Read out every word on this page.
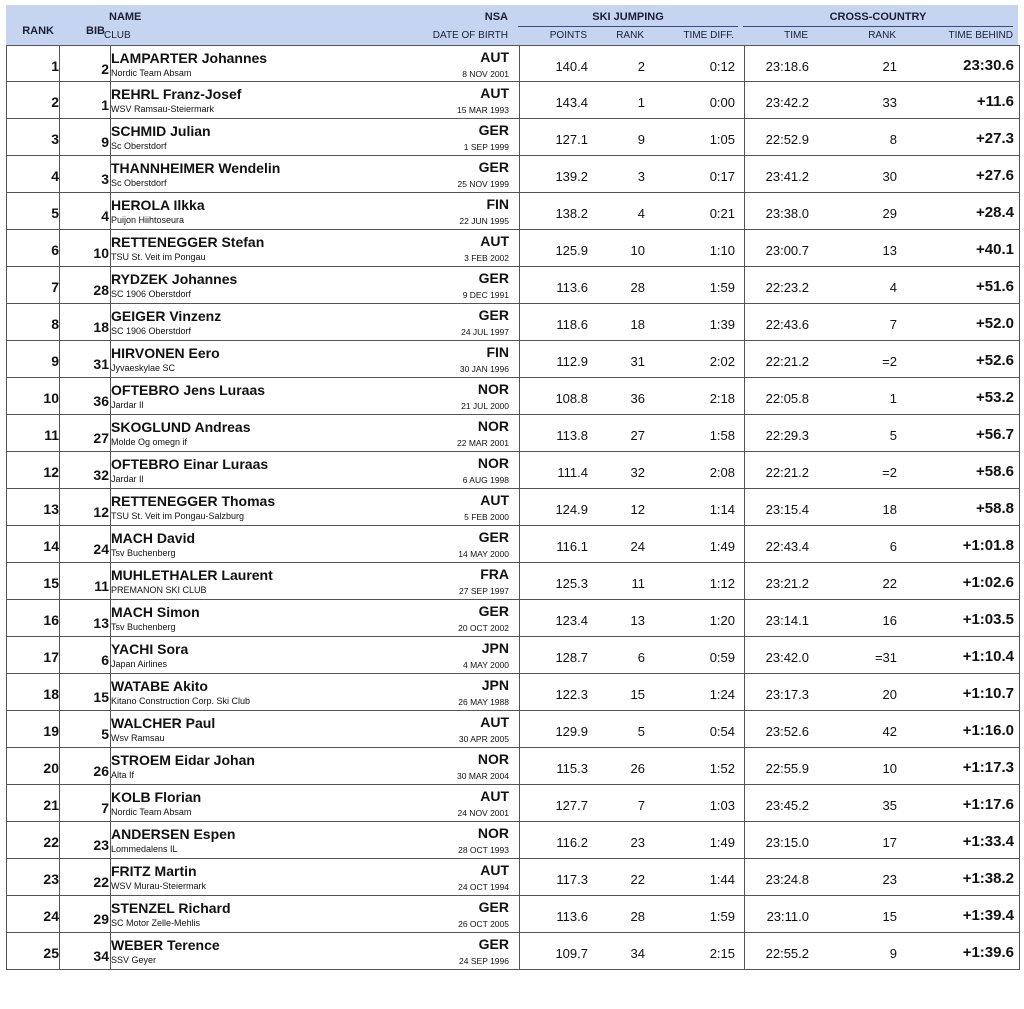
RANK	BIB
NAME
CLUB
NSA
DATE OF BIRTH
SKI JUMPING	CROSS-COUNTRY
POINTS	RANK	TIME DIFF.	TIME	RANK	TIME BEHIND
1	2
LAMPARTER Johannes
Nordic Team Absam
AUT
8 NOV 2001	140.4	2	0:12	23:18.6	21	23:30.6
2	1
REHRL Franz-Josef
WSV Ramsau-Steiermark
AUT
15 MAR 1993	143.4	1	0:00	23:42.2	33	+11.6
3	9
SCHMID Julian
Sc Oberstdorf
GER
1 SEP 1999	127.1	9	1:05	22:52.9	8	+27.3
4	3
THANNHEIMER Wendelin
Sc Oberstdorf
GER
25 NOV 1999	139.2	3	0:17	23:41.2	30	+27.6
5	4
HEROLA Ilkka
Puijon Hiihtoseura
FIN
22 JUN 1995	138.2	4	0:21	23:38.0	29	+28.4
6	10
RETTENEGGER Stefan
TSU St. Veit im Pongau
AUT
3 FEB 2002	125.9	10	1:10	23:00.7	13	+40.1
7	28
RYDZEK Johannes
SC 1906 Oberstdorf
GER
9 DEC 1991	113.6	28	1:59	22:23.2	4	+51.6
8	18
GEIGER Vinzenz
SC 1906 Oberstdorf
GER
24 JUL 1997	118.6	18	1:39	22:43.6	7	+52.0
9	31
HIRVONEN Eero
Jyvaeskylae SC
FIN
30 JAN 1996	112.9	31	2:02	22:21.2	=2	+52.6
10	36
OFTEBRO Jens Luraas
Jardar Il
NOR
21 JUL 2000	108.8	36	2:18	22:05.8	1	+53.2
11	27
SKOGLUND Andreas
Molde Og omegn if
NOR
22 MAR 2001	113.8	27	1:58	22:29.3	5	+56.7
12	32
OFTEBRO Einar Luraas
Jardar Il
NOR
6 AUG 1998	111.4	32	2:08	22:21.2	=2	+58.6
13	12
RETTENEGGER Thomas
TSU St. Veit im Pongau-Salzburg
AUT
5 FEB 2000	124.9	12	1:14	23:15.4	18	+58.8
14	24
MACH David
Tsv Buchenberg
GER
14 MAY 2000	116.1	24	1:49	22:43.4	6	+1:01.8
15	11
MUHLETHALER Laurent
PREMANON SKI CLUB
FRA
27 SEP 1997	125.3	11	1:12	23:21.2	22	+1:02.6
16	13
MACH Simon
Tsv Buchenberg
GER
20 OCT 2002	123.4	13	1:20	23:14.1	16	+1:03.5
17	6
YACHI Sora
Japan Airlines
JPN
4 MAY 2000	128.7	6	0:59	23:42.0	=31	+1:10.4
18	15
WATABE Akito
Kitano Construction Corp. Ski Club
JPN
26 MAY 1988	122.3	15	1:24	23:17.3	20	+1:10.7
19	5
WALCHER Paul
Wsv Ramsau
AUT
30 APR 2005	129.9	5	0:54	23:52.6	42	+1:16.0
20	26
STROEM Eidar Johan
Alta If
NOR
30 MAR 2004	115.3	26	1:52	22:55.9	10	+1:17.3
21	7
KOLB Florian
Nordic Team Absam
AUT
24 NOV 2001	127.7	7	1:03	23:45.2	35	+1:17.6
22	23
ANDERSEN Espen
Lommedalens IL
NOR
28 OCT 1993	116.2	23	1:49	23:15.0	17	+1:33.4
23	22
FRITZ Martin
WSV Murau-Steiermark
AUT
24 OCT 1994	117.3	22	1:44	23:24.8	23	+1:38.2
24	29
STENZEL Richard
SC Motor Zelle-Mehlis
GER
26 OCT 2005	113.6	28	1:59	23:11.0	15	+1:39.4
25	34
WEBER Terence
SSV Geyer
GER
24 SEP 1996	109.7	34	2:15	22:55.2	9	+1:39.6
